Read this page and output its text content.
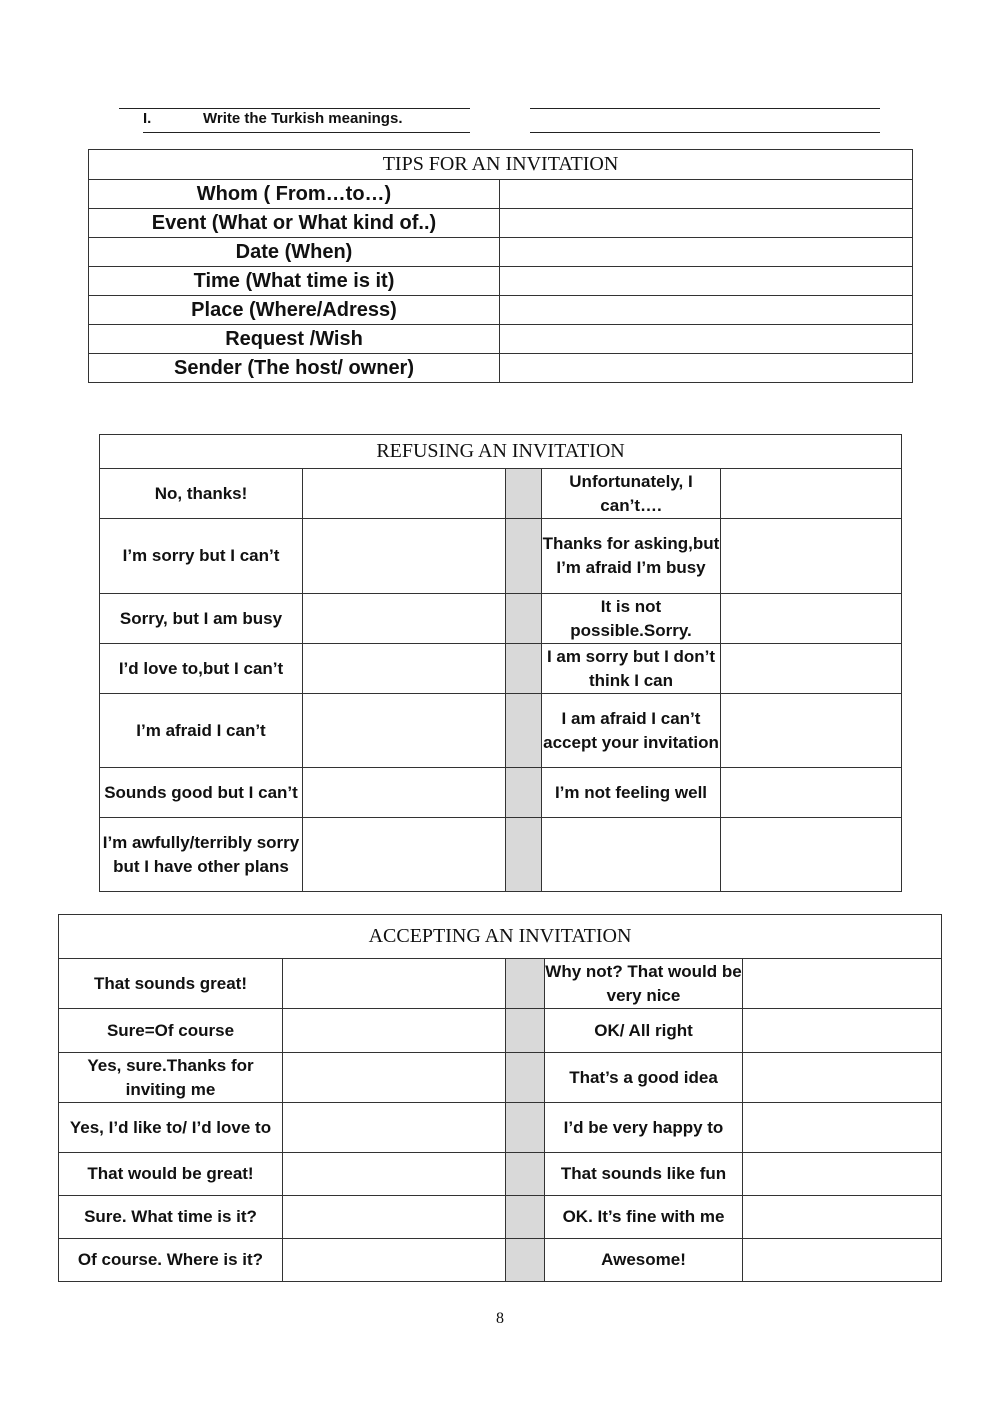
I.	Write the Turkish meanings.
TIPS FOR AN INVITATION	
Whom ( From…to…)	
Event (What or What kind of..)	
Date (When)	
Time (What time is it)	
Place (Where/Adress)	
Request /Wish	
Sender (The host/ owner)	
REFUSING AN INVITATION				
No, thanks!			Unfortunately, I can’t….	
I’m sorry but I can’t			Thanks for asking,but I’m afraid I’m busy	
Sorry, but I am busy			It is not possible.Sorry.	
I’d love to,but I can’t			I am sorry but I don’t think I can	
I’m afraid I can’t			I am afraid I can’t accept your invitation	
Sounds good but I can’t			I’m not feeling well	
I’m awfully/terribly sorry but I have other plans				
ACCEPTING AN INVITATION				
That sounds great!			Why not? That would be very nice	
Sure=Of course			OK/ All right	
Yes, sure.Thanks for inviting me			That’s a good idea	
Yes, I’d like to/ I’d love to			I’d be very happy to	
That would be great!			That sounds like fun	
Sure. What time is it?			OK. It’s fine with me	
Of course. Where is it?			Awesome!	
8
